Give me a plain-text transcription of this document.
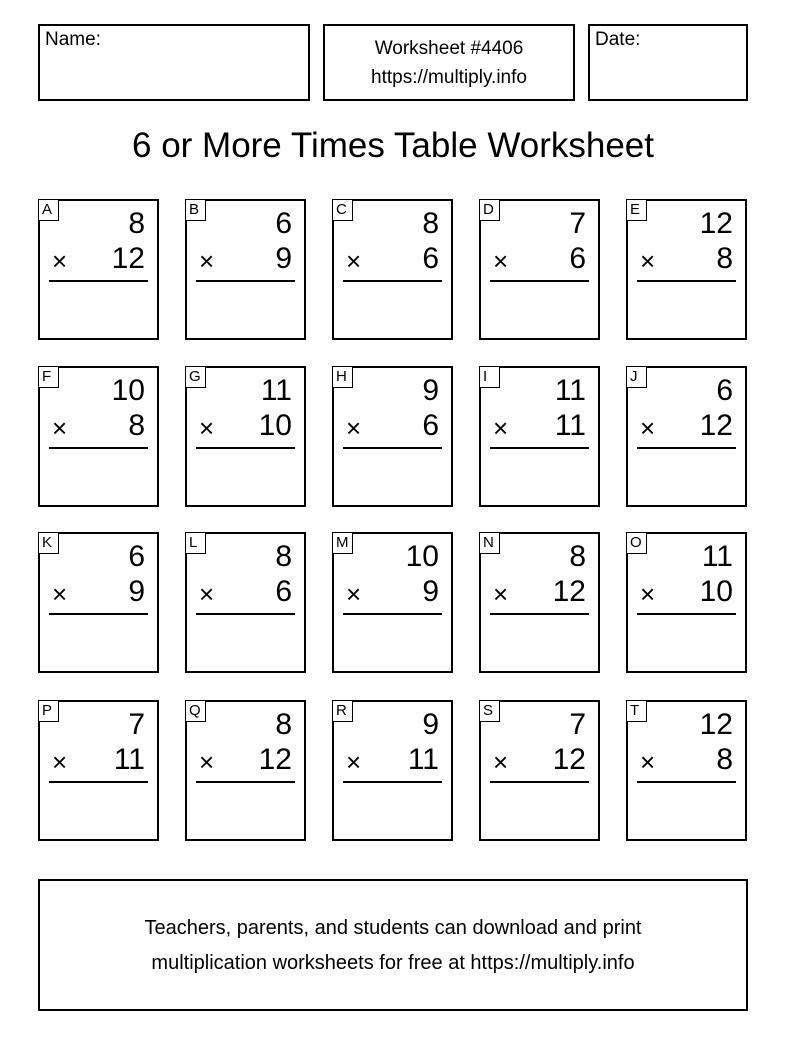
Name:	Worksheet #4406
https://multiply.info
Date:
6 or More Times Table Worksheet
A	8
× 12
B	6
× 9
C	8
× 6
D	7
× 6
E 12
× 8
F 10
× 8
G 11
× 10
H	9
× 6
I	11
× 11
J	6
× 12
K	6
× 9
L	8
× 6
M 10
× 9
N	8
× 12
O 11
× 10
P	7
× 11
Q 8
× 12
R	9
× 11
S	7
× 12
T 12
× 8
Teachers, parents, and students can download and print
multiplication worksheets for free at https://multiply.info
